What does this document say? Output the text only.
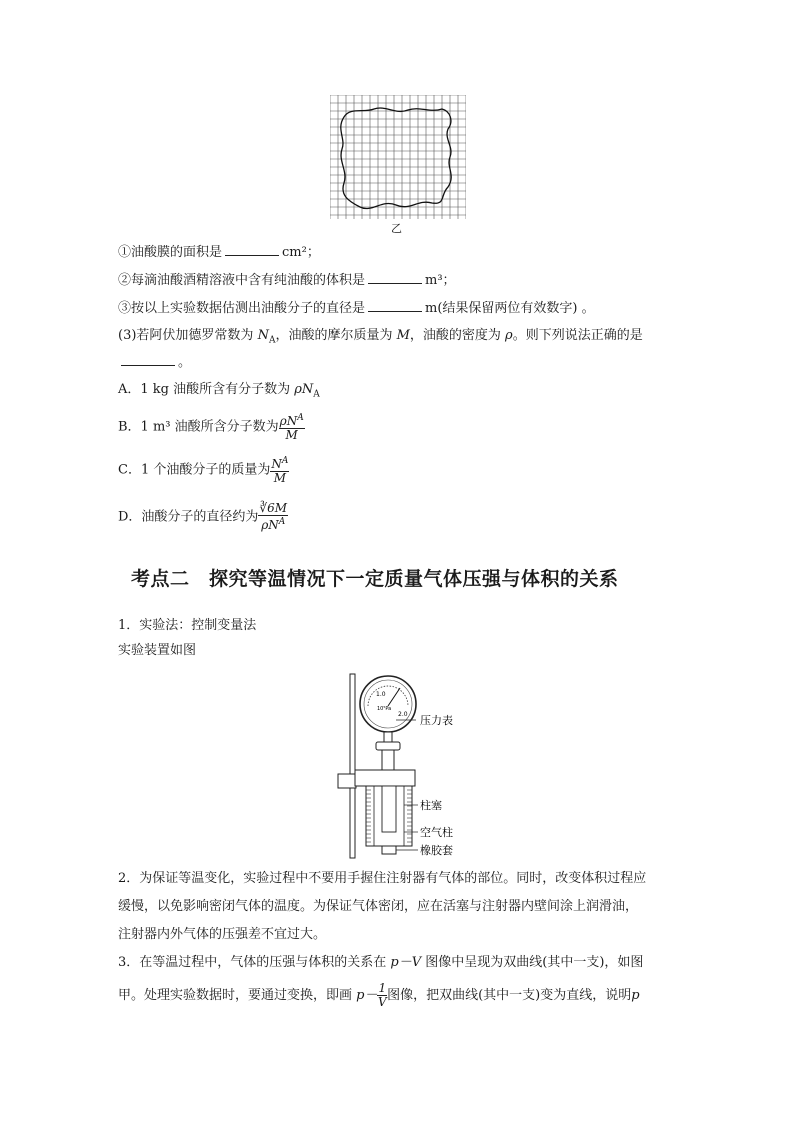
乙
①油酸膜的面积是	cm²；
②每滴油酸酒精溶液中含有纯油酸的体积是	m³；
③按以上实验数据估测出油酸分子的直径是	m(结果保留两位有效数字) 。
(3)若阿伏加德罗常数为 $N_A$，油酸的摩尔质量为 M，油酸的密度为 ρ。则下列说法正确的是
。
A．1 kg 油酸所含有分子数为 $\rho N_A$
B．1 m³ 油酸所含分子数为 $\frac{\rho N^A}{M}$
C．1 个油酸分子的质量为 $\frac{N^A}{M}$
D．油酸分子的直径约为 $\frac{∛6M}{\rho N^A}$
考点二　探究等温情况下一定质量气体压强与体积的关系
1．实验法：控制变量法
实验装置如图
1.0
2.0
10⁵Pa
压力表
柱塞
空气柱
橡胶套
2．为保证等温变化，实验过程中不要用手握住注射器有气体的部位。同时，改变体积过程应
缓慢，以免影响密闭气体的温度。为保证气体密闭，应在活塞与注射器内壁间涂上润滑油，
注射器内外气体的压强差不宜过大。
3．在等温过程中，气体的压强与体积的关系在 p－V 图像中呈现为双曲线(其中一支)，如图
甲。处理实验数据时，要通过变换，即画 $p- \frac{1}{V}$ 图像，把双曲线(其中一支)变为直线，说明p
